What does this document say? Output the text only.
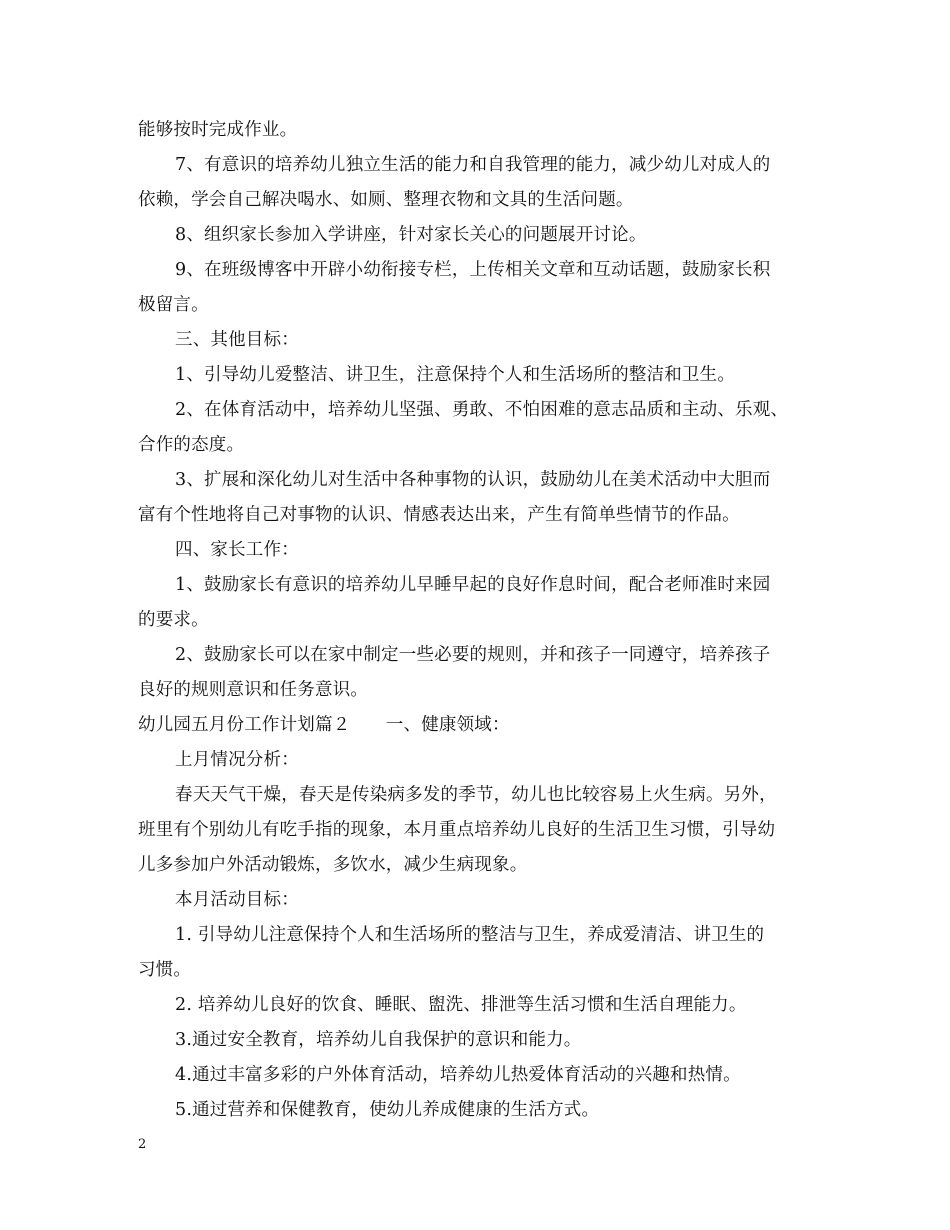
能够按时完成作业。
7、有意识的培养幼儿独立生活的能力和自我管理的能力，减少幼儿对成人的
依赖，学会自己解决喝水、如厕、整理衣物和文具的生活问题。
8、组织家长参加入学讲座，针对家长关心的问题展开讨论。
9、在班级博客中开辟小幼衔接专栏，上传相关文章和互动话题，鼓励家长积
极留言。
三、其他目标：
1、引导幼儿爱整洁、讲卫生，注意保持个人和生活场所的整洁和卫生。
2、在体育活动中，培养幼儿坚强、勇敢、不怕困难的意志品质和主动、乐观、
合作的态度。
3、扩展和深化幼儿对生活中各种事物的认识，鼓励幼儿在美术活动中大胆而
富有个性地将自己对事物的认识、情感表达出来，产生有简单些情节的作品。
四、家长工作：
1、鼓励家长有意识的培养幼儿早睡早起的良好作息时间，配合老师准时来园
的要求。
2、鼓励家长可以在家中制定一些必要的规则，并和孩子一同遵守，培养孩子
良好的规则意识和任务意识。
幼儿园五月份工作计划篇２　　一、健康领域：
上月情况分析：
春天天气干燥，春天是传染病多发的季节，幼儿也比较容易上火生病。另外，
班里有个别幼儿有吃手指的现象，本月重点培养幼儿良好的生活卫生习惯，引导幼
儿多参加户外活动锻炼，多饮水，减少生病现象。
本月活动目标：
1. 引导幼儿注意保持个人和生活场所的整洁与卫生，养成爱清洁、讲卫生的
习惯。
2. 培养幼儿良好的饮食、睡眠、盥洗、排泄等生活习惯和生活自理能力。
3.通过安全教育，培养幼儿自我保护的意识和能力。
4.通过丰富多彩的户外体育活动，培养幼儿热爱体育活动的兴趣和热情。
5.通过营养和保健教育，使幼儿养成健康的生活方式。
2
